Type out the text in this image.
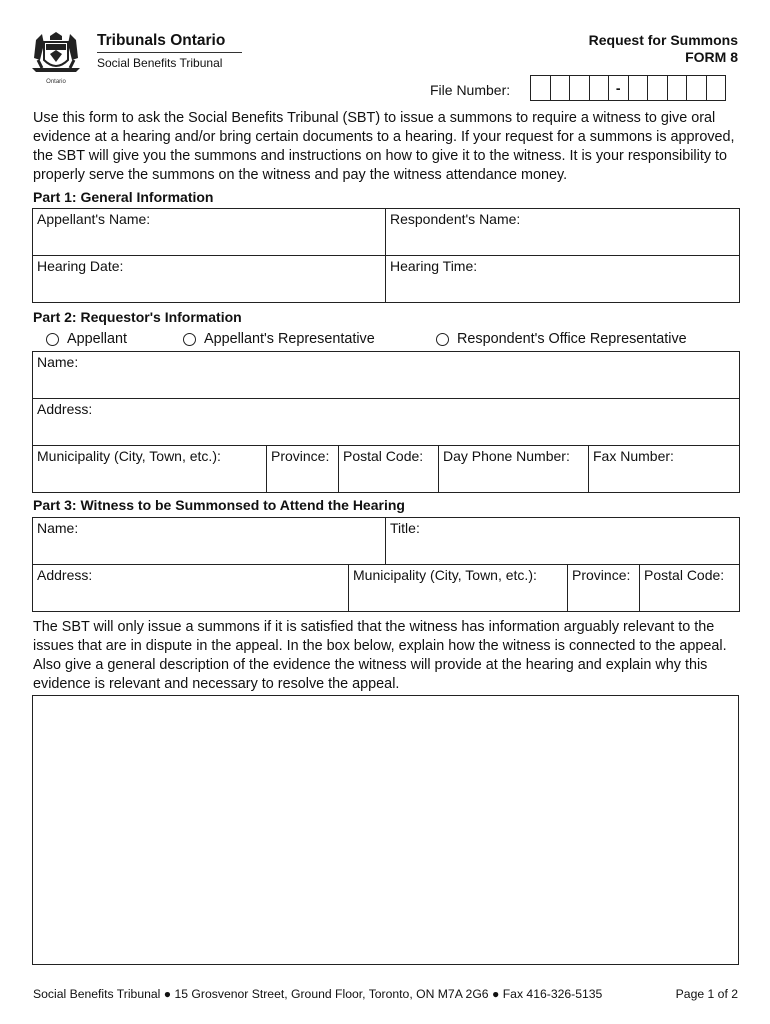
Ontario
Tribunals Ontario
Social Benefits Tribunal
Request for Summons
FORM 8
File Number:	-
Use this form to ask the Social Benefits Tribunal (SBT) to issue a summons to require a witness to give oral evidence at a hearing and/or bring certain documents to a hearing. If your request for a summons is approved, the SBT will give you the summons and instructions on how to give it to the witness. It is your responsibility to properly serve the summons on the witness and pay the witness attendance money.
Part 1: General Information
Appellant's Name:	Respondent's Name:
Hearing Date:	Hearing Time:
Part 2: Requestor's Information
Appellant	Appellant's Representative	Respondent's Office Representative
Name:
Address:
Municipality (City, Town, etc.):	Province:	Postal Code:	Day Phone Number:	Fax Number:
Part 3: Witness to be Summonsed to Attend the Hearing
Name:		Title:		
Address:	Municipality (City, Town, etc.):		Province:	Postal Code:
The SBT will only issue a summons if it is satisfied that the witness has information arguably relevant to the issues that are in dispute in the appeal. In the box below, explain how the witness is connected to the appeal. Also give a general description of the evidence the witness will provide at the hearing and explain why this evidence is relevant and necessary to resolve the appeal.
Social Benefits Tribunal ● 15 Grosvenor Street, Ground Floor, Toronto, ON M7A 2G6 ● Fax 416-326-5135	Page 1 of 2
